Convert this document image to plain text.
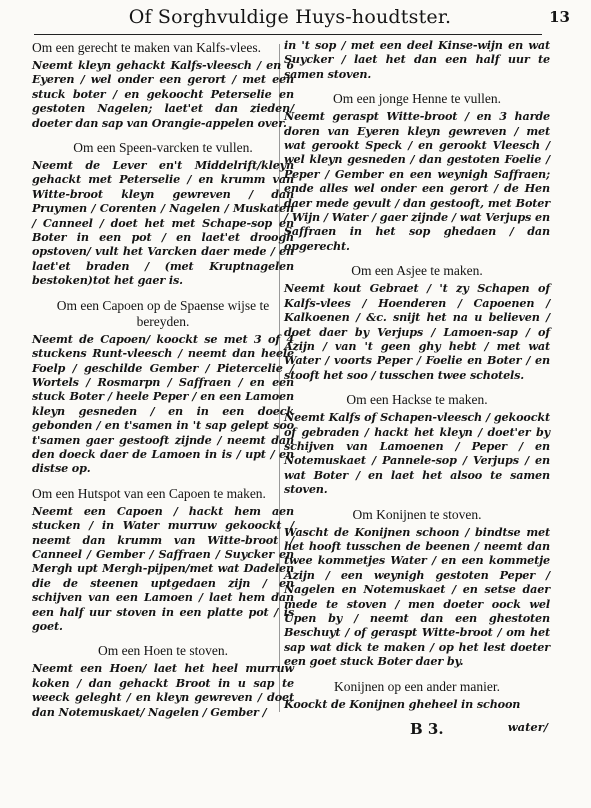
Of Sorghvuldige Huys-houdtster.	13
Om een gerecht te maken van Kalfs-vlees.
Neemt kleyn gehackt Kalfs-vleesch / en 6 Eyeren / wel onder een gerort / met een stuck boter / en gekoocht Peterselie en gestoten Nagelen; laet'et dan zieden/ doeter dan sap van Orangie-appelen over.
Om een Speen-varcken te vullen.
Neemt de Lever en't Middelrift/kleyn gehackt met Peterselie / en krumm van Witte-broot kleyn gewreven / dan Pruymen / Corenten / Nagelen / Muskaten / Canneel / doet het met Schape-sop en Boter in een pot / en laet'et droogh opstoven/ vult het Varcken daer mede / en laet'et braden / (met Kruptnagelen bestoken)tot het gaer is.
Om een Capoen op de Spaense wijse te bereyden.
Neemt de Capoen/ koockt se met 3 of 4 stuckens Runt-vleesch / neemt dan heele Foelp / geschilde Gember / Pietercelie / Wortels / Rosmarpn / Saffraen / en een stuck Boter / heele Peper / en een Lamoen kleyn gesneden / en in een doeck gebonden / en t'samen in 't sap gelept soo t'samen gaer gestooft zijnde / neemt dan den doeck daer de Lamoen in is / upt / en distse op.
Om een Hutspot van een Capoen te maken.
Neemt een Capoen / hackt hem aen stucken / in Water murruw gekoockt / neemt dan krumm van Witte-broot / Canneel / Gember / Saffraen / Suycker en Mergh upt Mergh-pijpen/met wat Dadelen die de steenen uptgedaen zijn / en schijven van een Lamoen / laet hem dan een half uur stoven in een platte pot / is goet.
Om een Hoen te stoven.
Neemt een Hoen/ laet het heel murruw koken / dan gehackt Broot in u sap te weeck geleght / en kleyn gewreven / doet dan Notemuskaet/ Nagelen / Gember /
in 't sop / met een deel Kinse-wijn en wat Suycker / laet het dan een half uur te samen stoven.
Om een jonge Henne te vullen.
Neemt geraspt Witte-broot / en 3 harde doren van Eyeren kleyn gewreven / met wat gerookt Speck / en gerookt Vleesch / wel kleyn gesneden / dan gestoten Foelie / Peper / Gember en een weynigh Saffraen; ende alles wel onder een gerort / de Hen daer mede gevult / dan gestooft, met Boter / Wijn / Water / gaer zijnde / wat Verjups en Saffraen in het sop ghedaen / dan opgerecht.
Om een Asjee te maken.
Neemt kout Gebraet / 't zy Schapen of Kalfs-vlees / Hoenderen / Capoenen / Kalkoenen / &c. snijt het na u believen / doet daer by Verjups / Lamoen-sap / of Azijn / van 't geen ghy hebt / met wat Water / voorts Peper / Foelie en Boter / en stooft het soo / tusschen twee schotels.
Om een Hackse te maken.
Neemt Kalfs of Schapen-vleesch / gekoockt of gebraden / hackt het kleyn / doet'er by schijven van Lamoenen / Peper / en Notemuskaet / Pannele-sop / Verjups / en wat Boter / en laet het alsoo te samen stoven.
Om Konijnen te stoven.
Wascht de Konijnen schoon / bindtse met het hooft tusschen de beenen / neemt dan twee kommetjes Water / en een kommetje Azijn / een weynigh gestoten Peper / Nagelen en Notemuskaet / en setse daer mede te stoven / men doeter oock wel Upen by / neemt dan een ghestoten Beschuyt / of geraspt Witte-broot / om het sap wat dick te maken / op het lest doeter een goet stuck Boter daer by.
Konijnen op een ander manier.
Koockt de Konijnen gheheel in schoon
B 3.	water/
